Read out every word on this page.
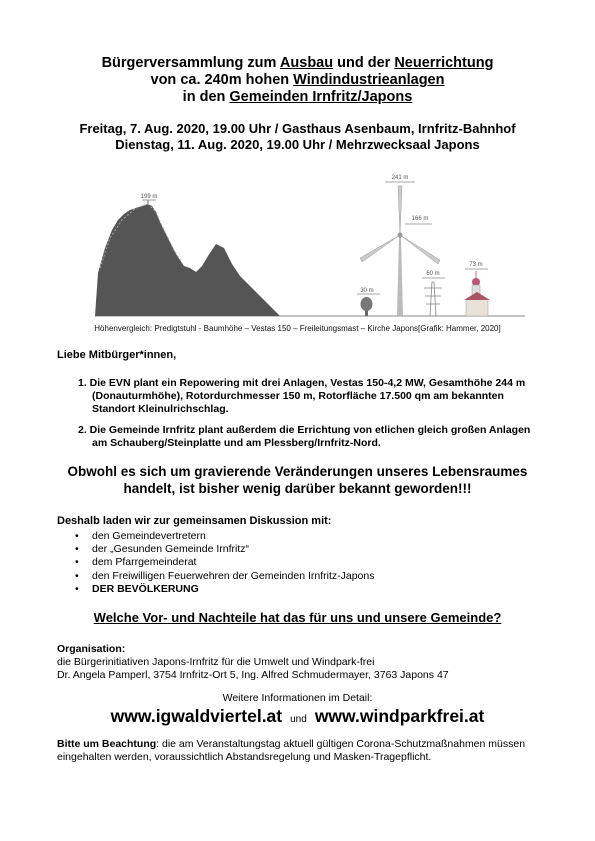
Bürgerversammlung zum Ausbau und der Neuerrichtung
von ca. 240m hohen Windindustrieanlagen
in den Gemeinden Irnfritz/Japons
Freitag, 7. Aug. 2020, 19.00 Uhr / Gasthaus Asenbaum, Irnfritz-Bahnhof
Dienstag, 11. Aug. 2020, 19.00 Uhr / Mehrzwecksaal Japons
199 m
30 m
241 m
166 m
60 m
73 m
Höhenvergleich: Predigtstuhl - Baumhöhe – Vestas 150 – Freileitungsmast – Kirche Japons[Grafik: Hammer, 2020]
Liebe Mitbürger*innen,
1. Die EVN plant ein Repowering mit drei Anlagen, Vestas 150-4,2 MW, Gesamthöhe 244 m (Donauturmhöhe), Rotordurchmesser 150 m, Rotorfläche 17.500 qm am bekannten Standort Kleinulrichschlag.
2. Die Gemeinde Irnfritz plant außerdem die Errichtung von etlichen gleich großen Anlagen am Schauberg/Steinplatte und am Plessberg/Irnfritz-Nord.
Obwohl es sich um gravierende Veränderungen unseres Lebensraumes
handelt, ist bisher wenig darüber bekannt geworden!!!
Deshalb laden wir zur gemeinsamen Diskussion mit:
• den Gemeindevertretern
• der „Gesunden Gemeinde Irnfritz“
• dem Pfarrgemeinderat
• den Freiwilligen Feuerwehren der Gemeinden Irnfritz-Japons
• DER BEVÖLKERUNG
Welche Vor- und Nachteile hat das für uns und unsere Gemeinde?
Organisation:
die Bürgerinitiativen Japons-Irnfritz für die Umwelt und Windpark-frei
Dr. Angela Pamperl, 3754 Irnfritz-Ort 5, Ing. Alfred Schmudermayer, 3763 Japons 47
Weitere Informationen im Detail:
www.igwaldviertel.at und www.windparkfrei.at
Bitte um Beachtung: die am Veranstaltungstag aktuell gültigen Corona-Schutzmaßnahmen müssen eingehalten werden, voraussichtlich Abstandsregelung und Masken-Tragepflicht.
